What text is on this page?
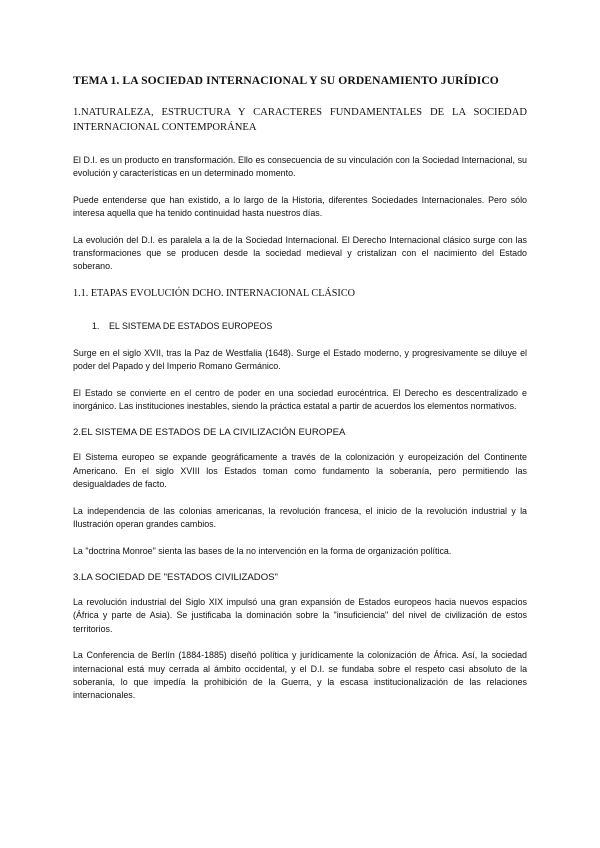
TEMA 1. LA SOCIEDAD INTERNACIONAL Y SU ORDENAMIENTO JURÍDICO
1.NATURALEZA, ESTRUCTURA Y CARACTERES FUNDAMENTALES DE LA SOCIEDAD INTERNACIONAL CONTEMPORÁNEA

El D.I. es un producto en transformación. Ello es consecuencia de su vinculación con la Sociedad Internacional, su evolución y características en un determinado momento.

Puede entenderse que han existido, a lo largo de la Historia, diferentes Sociedades Internacionales. Pero sólo interesa aquella que ha tenido continuidad hasta nuestros días.

La evolución del D.I. es paralela a la de la Sociedad Internacional. El Derecho Internacional clásico surge con las transformaciones que se producen desde la sociedad medieval y cristalizan con el nacimiento del Estado soberano.

1.1. ETAPAS EVOLUCIÓN DCHO. INTERNACIONAL CLÁSICO
1.	EL SISTEMA DE ESTADOS EUROPEOS

Surge en el siglo XVII, tras la Paz de Westfalia (1648). Surge el Estado moderno, y progresivamente se diluye el poder del Papado y del Imperio Romano Germánico.

El Estado se convierte en el centro de poder en una sociedad eurocéntrica. El Derecho es descentralizado e inorgánico. Las instituciones inestables, siendo la práctica estatal a partir de acuerdos los elementos normativos.

2.EL SISTEMA DE ESTADOS DE LA CIVILIZACIÓN EUROPEA

El Sistema europeo se expande geográficamente a través de la colonización y europeización del Continente Americano. En el siglo XVIII los Estados toman como fundamento la soberanía, pero permitiendo las desigualdades de facto.

La independencia de las colonias americanas, la revolución francesa, el inicio de la revolución industrial y la Ilustración operan grandes cambios.

La "doctrina Monroe" sienta las bases de la no intervención en la forma de organización política.

3.LA SOCIEDAD DE "ESTADOS CIVILIZADOS"

La revolución industrial del Siglo XIX impulsó una gran expansión de Estados europeos hacia nuevos espacios (África y parte de Asia). Se justificaba la dominación sobre la "insuficiencia" del nivel de civilización de estos territorios.

La Conferencia de Berlín (1884-1885) diseñó política y jurídicamente la colonización de África. Así, la sociedad internacional está muy cerrada al ámbito occidental, y el D.I. se fundaba sobre el respeto casi absoluto de la soberanía, lo que impedía la prohibición de la Guerra, y la escasa institucionalización de las relaciones internacionales.
